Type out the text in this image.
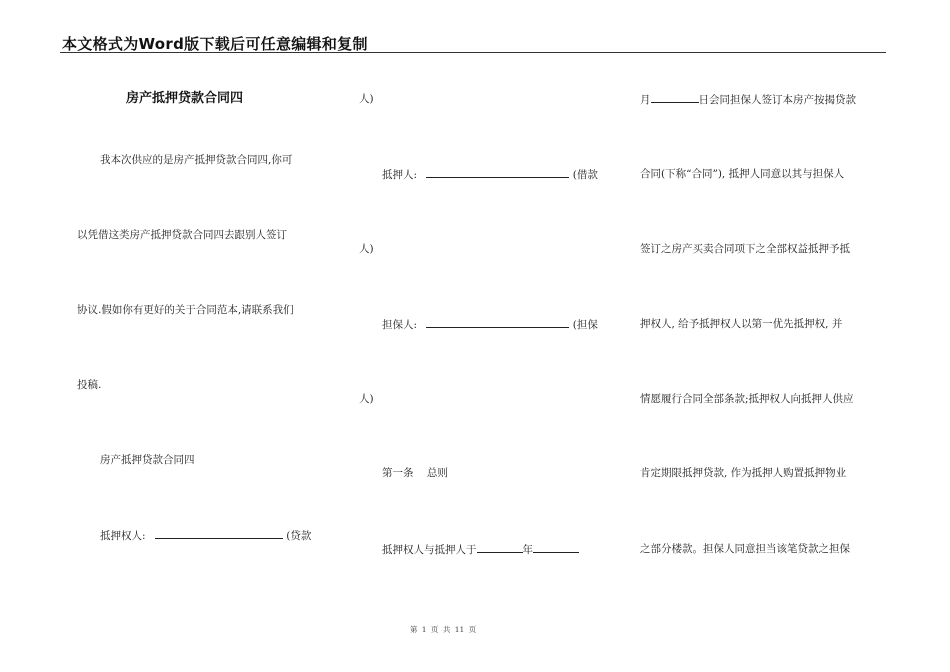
本文格式为Word版下载后可任意编辑和复制
房产抵押贷款合同四
我本次供应的是房产抵押贷款合同四,你可
以凭借这类房产抵押贷款合同四去跟别人签订
协议.假如你有更好的关于合同范本,请联系我们
投稿.
房产抵押贷款合同四
抵押权人:	(贷款
人)
抵押人:	(借款
人)
担保人:	(担保
人)
第一条    总则
抵押权人与抵押人于	年
月	日会同担保人签订本房产按揭贷款
合同(下称“合同”), 抵押人同意以其与担保人
签订之房产买卖合同项下之全部权益抵押予抵
押权人, 给予抵押权人以第一优先抵押权, 并
情愿履行合同全部条款;抵押权人向抵押人供应
肯定期限抵押贷款, 作为抵押人购置抵押物业
之部分楼款。担保人同意担当该笔贷款之担保
第 1 页 共 11 页
